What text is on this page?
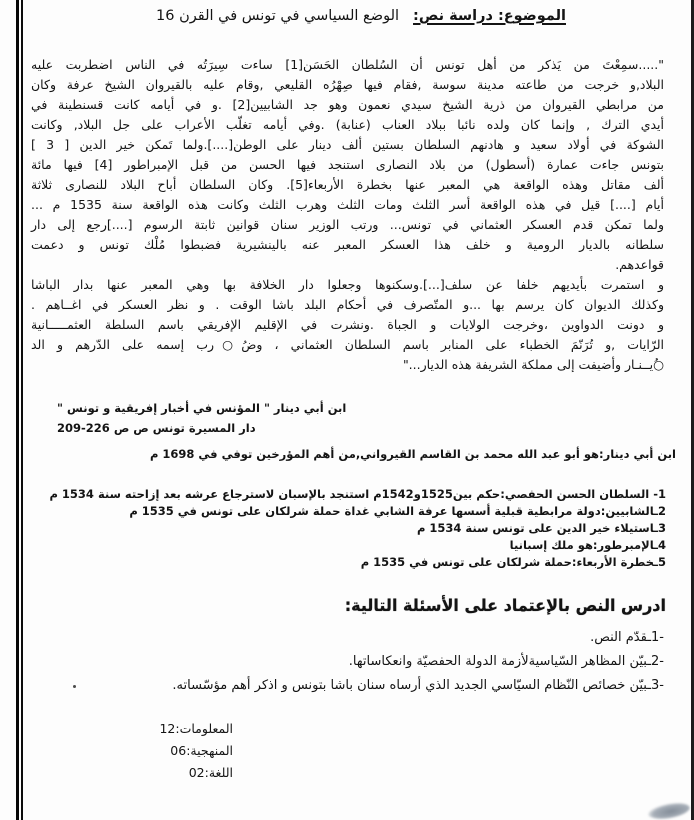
الموضوع: دراسة نص:الوضع السياسي في تونس في القرن 16
".....سمِعْتَ من يَذكر من أهل تونس أن السُلطان الحَسَن[1] ساءت سِيرَتُه في الناس اضطربت عليه
البلاد,و خرجت من طاعته مدينة سوسة ,فقام فيها صِهْرُه القليعي ,وقام عليه بالقيروان الشيخ عرفة وكان
من مرابطي القيروان من ذرية الشيخ سيدي نعمون وهو جد الشابيين[2] .و في أيامه كانت قسنطينة في
أيدي الترك , وإنما كان ولده نائبا ببلاد العناب (عنابة) .وفي أيامه تغلّب الأعراب على جل البلاد, وكانت
الشوكة في أولاد سعيد و هادنهم السلطان بستين ألف دينار على الوطن[....].ولما تَمكن خير الدين [ 3 ]
بتونس جاءت عمارة (أسطول) من بلاد النصارى استنجد فيها الحسن من قبل الإمبراطور [4] فيها مائة
ألف مقاتل وهذه الواقعة هي المعبر عنها بخطرة الأربعاء[5]. وكان السلطان أباح البلاد للنصارى ثلاثة
أيام [....] قيل في هذه الواقعة أسر الثلث ومات الثلث وهرب الثلث وكانت هذه الواقعة سنة 1535 م ...
ولما تمكن قدم العسكر العثماني في تونس... ورتب الوزير سنان قوانين ثابتة الرسوم [....]رجع إلى دار
سلطانه بالديار الرومية و خلف هذا العسكر المعبر عنه بالينشيرية فضبطوا مُلْك تونس و دعمت
قواعدهم.
و استمرت بأيديهم خلفا عن سلف[...].وسكنوها وجعلوا دار الخلافة بها وهي المعبر عنها بدار الباشا
وكذلك الديوان كان يرسم بها ...و المتّصرف في أحكام البلد باشا الوقت . و نظر العسكر في اغــاهم .
و دونت الدواوين ،وخرجت الولايات و الجباة .ونشرت في الإقليم الإفريقي باسم السلطة العثمـــــانية
الرّايات ,و تُرَنّمَ الخطباء على المنابر باسم السلطان العثماني ، وضُ○رب إسمه على الدّرهم و الد
○ُيــنـار وأضيفت إلى مملكة الشريفة هذه الديار..."
ابن أبي دينار " المؤنس في أخبار إفريقية و تونس "
دار المسيرة تونس ص ص 226-209
ابن أبي دينار:هو أبو عبد الله محمد بن القاسم القيرواني,من أهم المؤرخين توفي في 1698 م
1- السلطان الحسن الحفصي:حكم بين1525و1542م استنجد بالإسبان لاسترجاع عرشه بعد إزاحته سنة 1534 م
2ـالشابيين:دولة مرابطية قبلية أسسها عرفة الشابي غداة حملة شرلكان على تونس في 1535 م
3ـاستيلاء خير الدين على تونس سنة 1534 م
4ـالإمبرطور:هو ملك إسبانيا
5ـخطرة الأربعاء:حملة شرلكان على تونس في 1535 م
ادرس النص بالإعتماد على الأسئلة التالية:
-1ـقدّم النص.
-2ـبيّن المظاهر السّياسيةلأزمة الدولة الحفصيّة وانعكاساتها.
-3ـبيّن خصائص النّظام السيّاسي الجديد الذي أرساه سنان باشا بتونس و اذكر أهم مؤسّساته.
المعلومات:12
المنهجية:06
اللغة:02
